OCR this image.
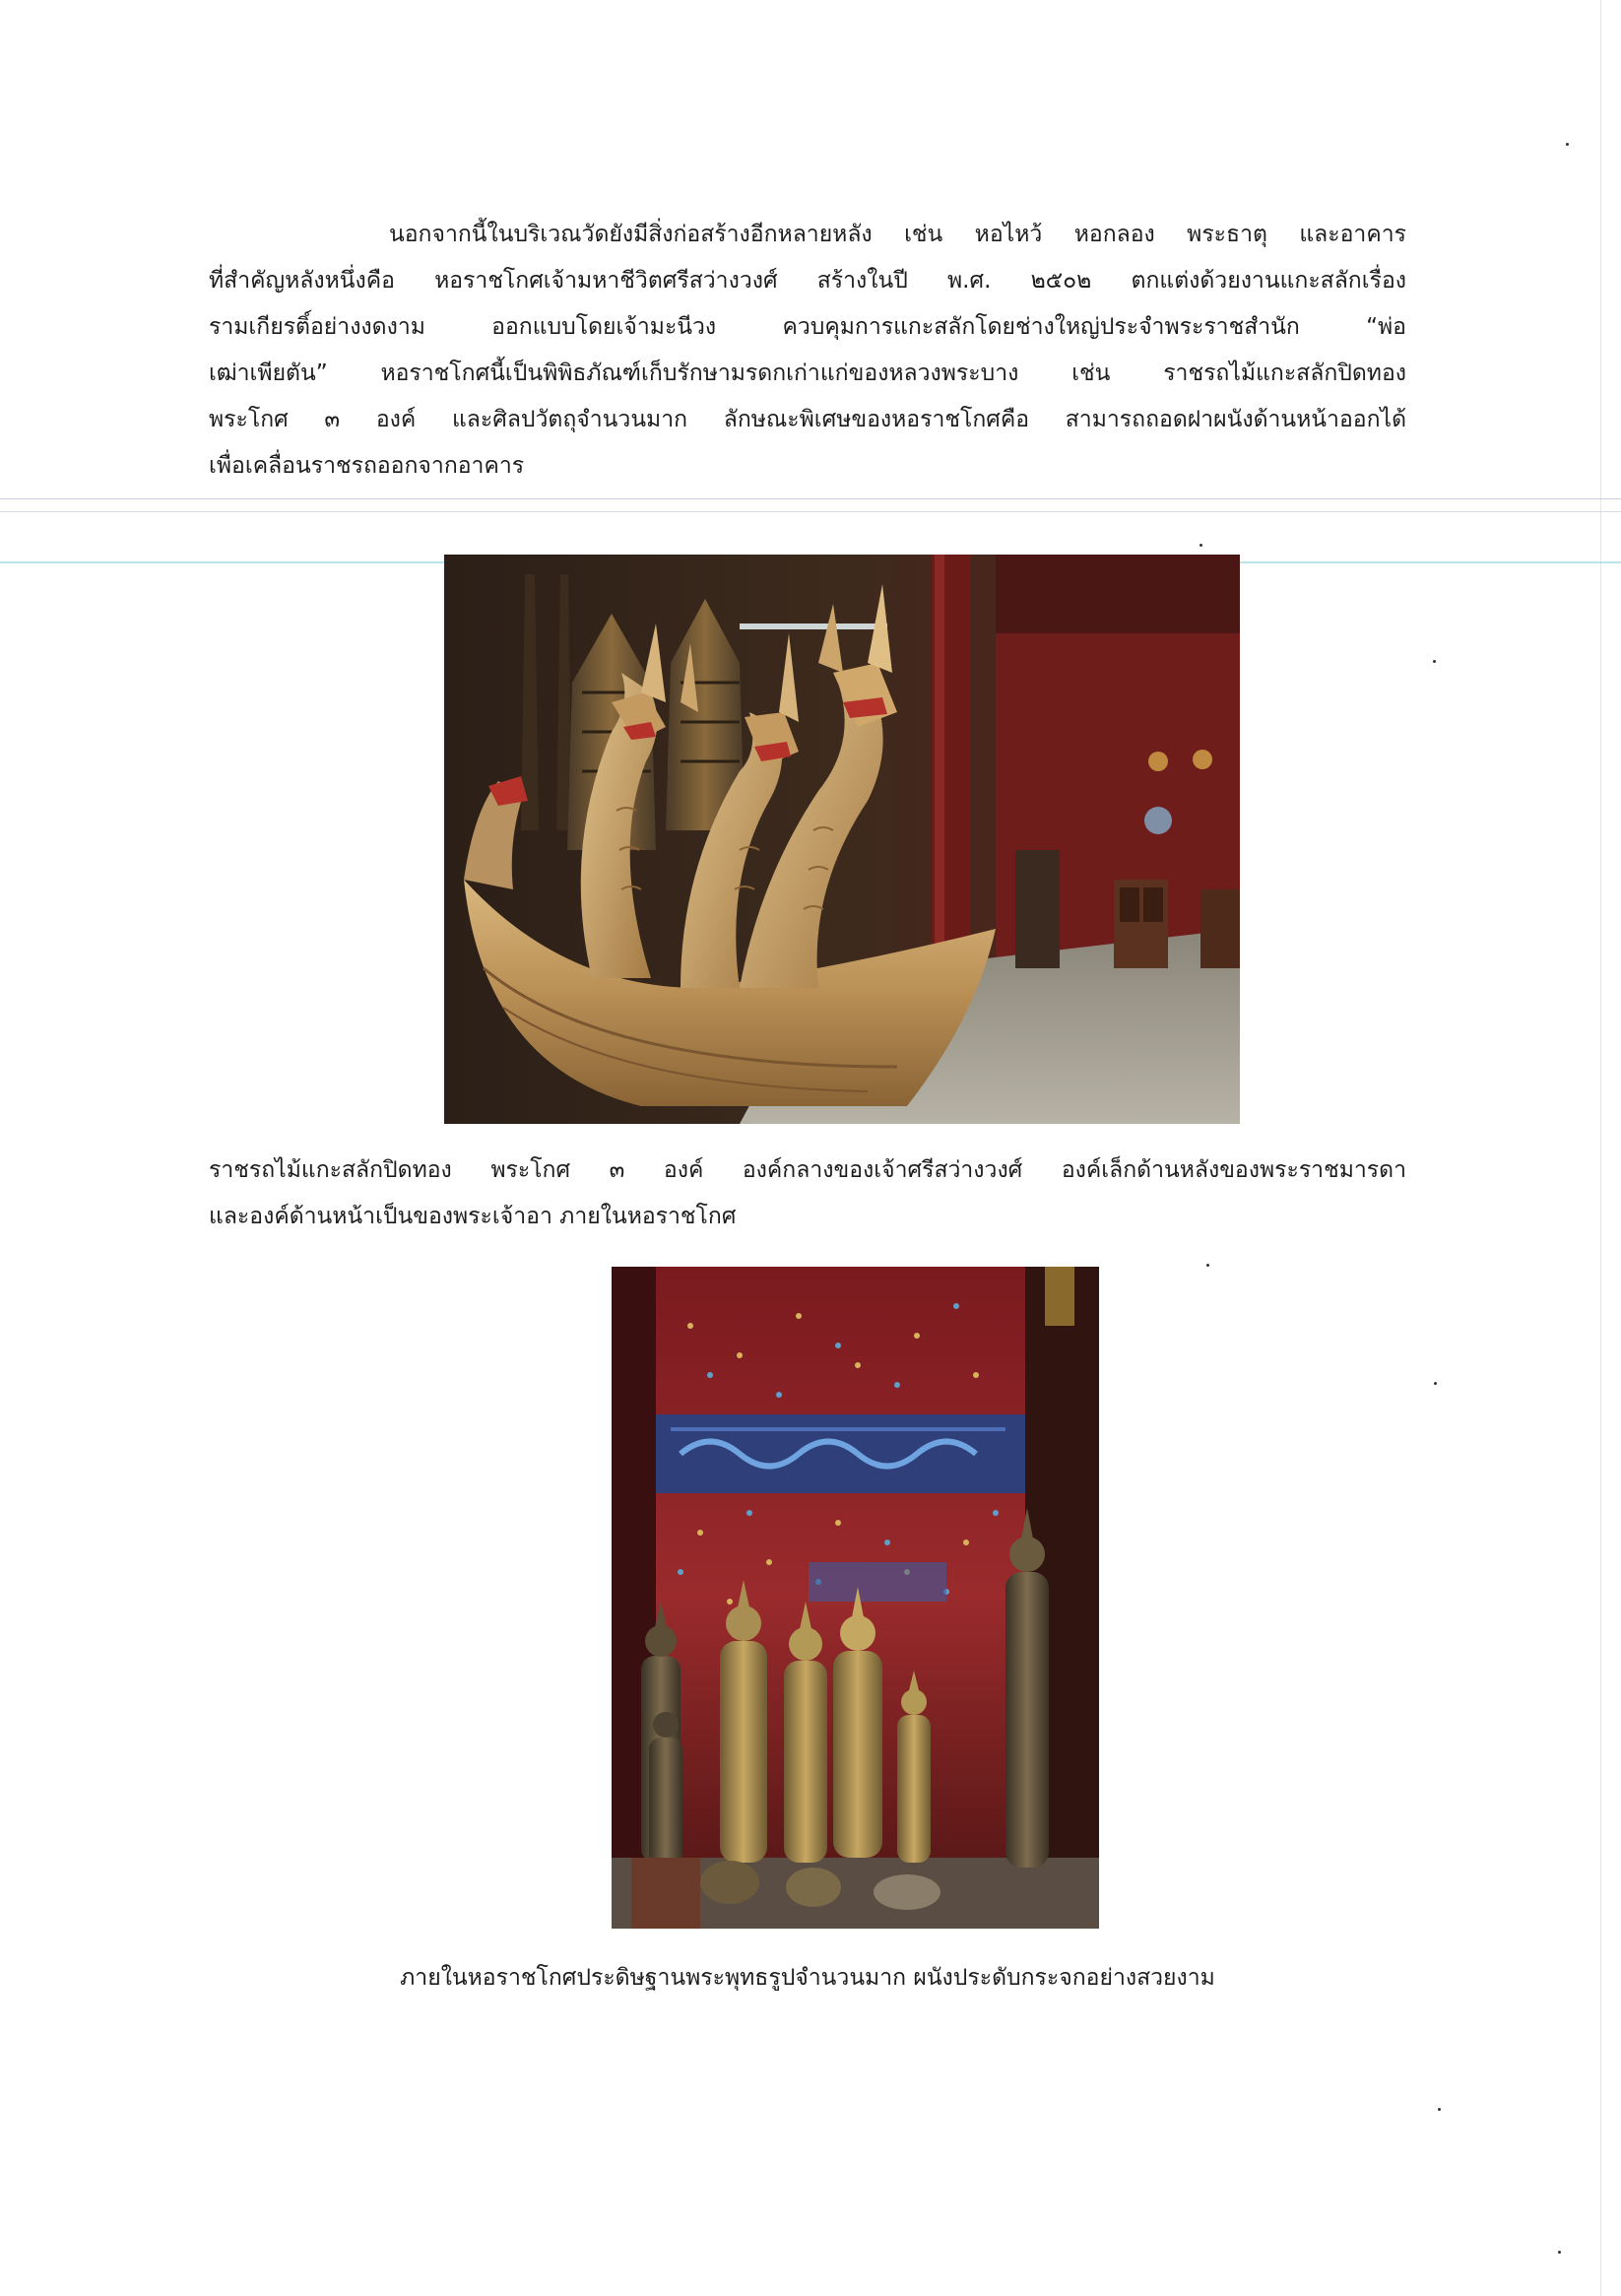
นอกจากนี้ในบริเวณวัดยังมีสิ่งก่อสร้างอีกหลายหลัง เช่น หอไหว้ หอกลอง พระธาตุ และอาคาร
ที่สำคัญหลังหนึ่งคือ หอราชโกศเจ้ามหาชีวิตศรีสว่างวงศ์ สร้างในปี พ.ศ. ๒๕๐๒ ตกแต่งด้วยงานแกะสลักเรื่อง
รามเกียรติ์อย่างงดงาม ออกแบบโดยเจ้ามะนีวง ควบคุมการแกะสลักโดยช่างใหญ่ประจำพระราชสำนัก “พ่อ
เฒ่าเพียตัน” หอราชโกศนี้เป็นพิพิธภัณฑ์เก็บรักษามรดกเก่าแก่ของหลวงพระบาง เช่น ราชรถไม้แกะสลักปิดทอง
พระโกศ ๓ องค์ และศิลปวัตถุจำนวนมาก ลักษณะพิเศษของหอราชโกศคือ สามารถถอดฝาผนังด้านหน้าออกได้
เพื่อเคลื่อนราชรถออกจากอาคาร
ราชรถไม้แกะสลักปิดทอง พระโกศ ๓ องค์ องค์กลางของเจ้าศรีสว่างวงศ์ องค์เล็กด้านหลังของพระราชมารดา
และองค์ด้านหน้าเป็นของพระเจ้าอา ภายในหอราชโกศ
ภายในหอราชโกศประดิษฐานพระพุทธรูปจำนวนมาก ผนังประดับกระจกอย่างสวยงาม
